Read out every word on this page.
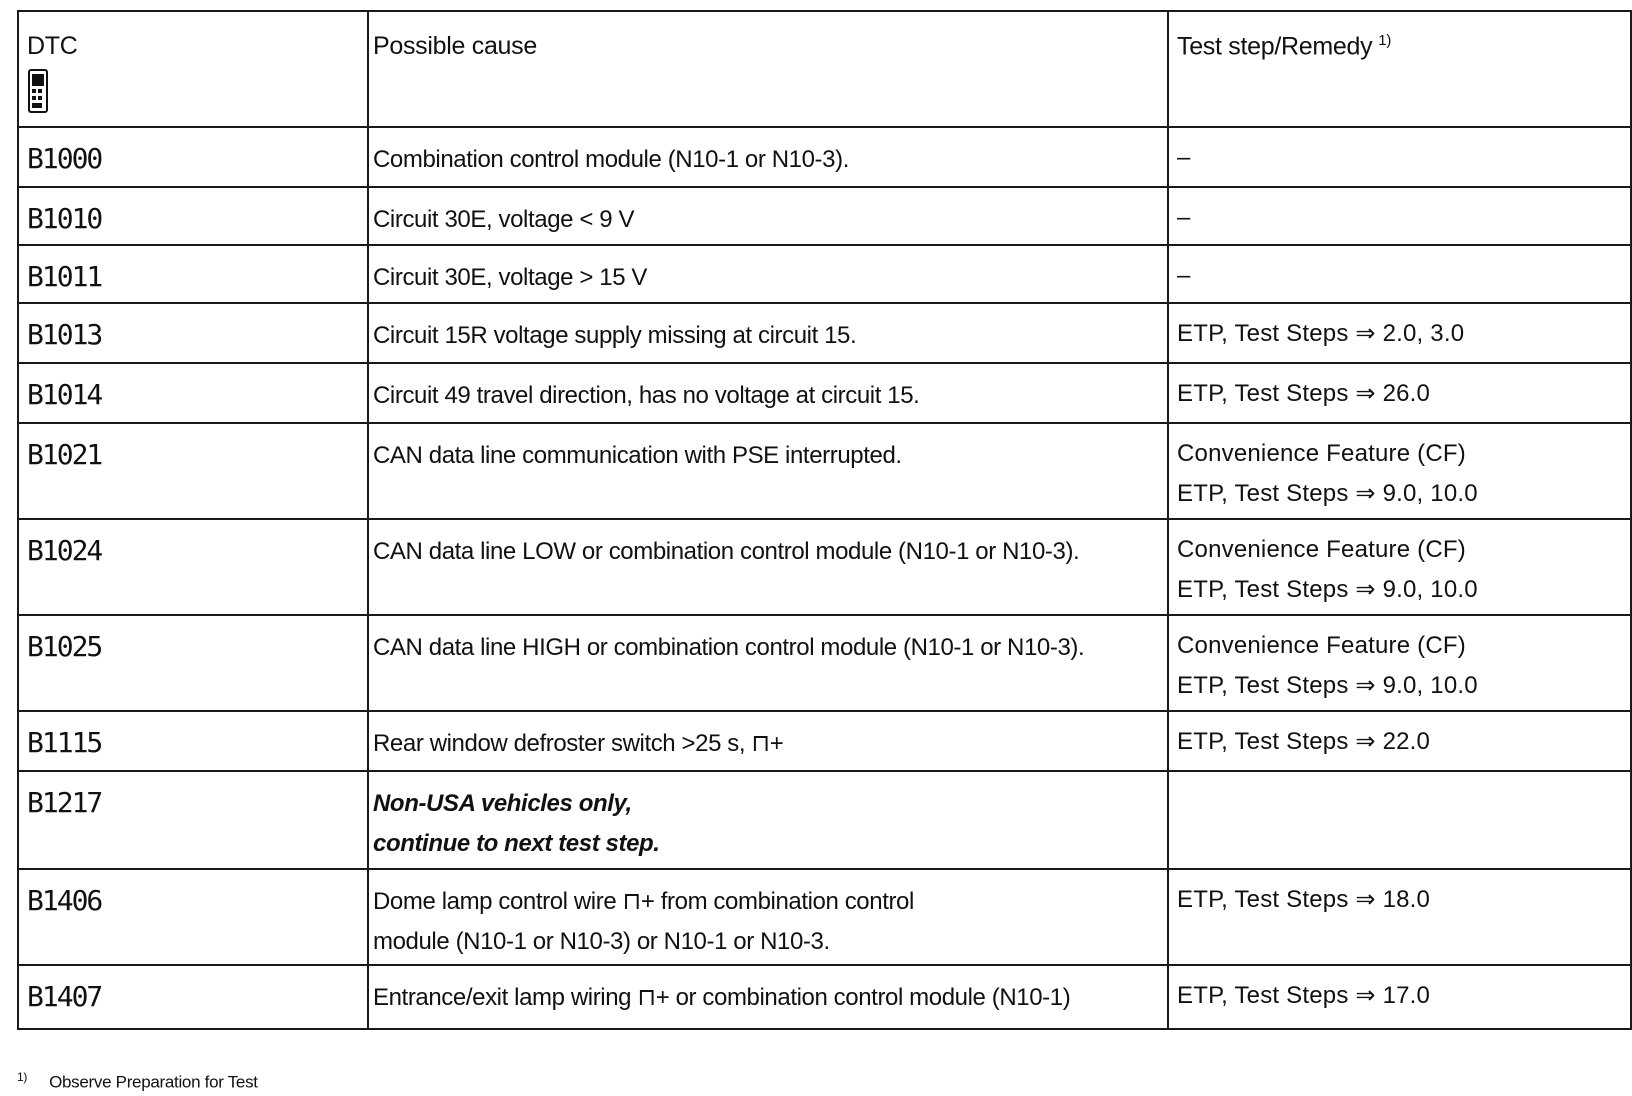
DTC	Possible cause	Test step/Remedy $^{1)}$

B1000	Combination control module (N10-1 or N10-3).	–

B1010	Circuit 30E, voltage < 9 V	–

B1011	Circuit 30E, voltage > 15 V	–

B1013	Circuit 15R voltage supply missing at circuit 15.	ETP, Test Steps ⇒ 2.0, 3.0

B1014	Circuit 49 travel direction, has no voltage at circuit 15.	ETP, Test Steps ⇒ 26.0

B1021	CAN data line communication with PSE interrupted.	Convenience Feature (CF)
ETP, Test Steps ⇒ 9.0, 10.0

B1024	CAN data line LOW or combination control module (N10-1 or N10-3).	Convenience Feature (CF)
ETP, Test Steps ⇒ 9.0, 10.0

B1025	CAN data line HIGH or combination control module (N10-1 or N10-3).	Convenience Feature (CF)
ETP, Test Steps ⇒ 9.0, 10.0

B1115	Rear window defroster switch >25 s, ⊓+	ETP, Test Steps ⇒ 22.0

B1217	Non-USA vehicles only,
continue to next test step.	

B1406	Dome lamp control wire ⊓+ from combination control
module (N10-1 or N10-3) or N10-1 or N10-3.	ETP, Test Steps ⇒ 18.0

B1407	Entrance/exit lamp wiring ⊓+ or combination control module (N10-1)	ETP, Test Steps ⇒ 17.0
$^{1)}$ Observe Preparation for Test
